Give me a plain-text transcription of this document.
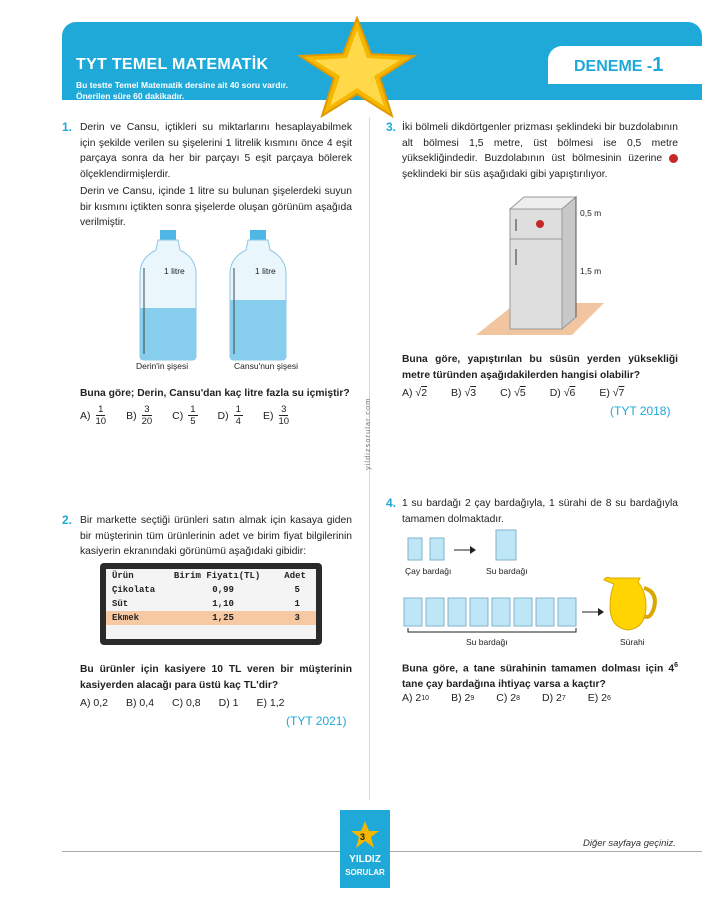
TYT TEMEL MATEMATİK
Bu testte Temel Matematik dersine ait 40 soru vardır.
Önerilen süre 60 dakikadır.
DENEME -1
yildizsorular.com
1. Derin ve Cansu, içtikleri su miktarlarını hesaplayabilmek için şekilde verilen su şişelerini 1 litrelik kısmını önce 4 eşit parçaya sonra da her bir parçayı 5 eşit parçaya bölerek ölçeklendirmişlerdir.
Derin ve Cansu, içinde 1 litre su bulunan şişelerdeki suyun bir kısmını içtikten sonra şişelerde oluşan görünüm aşağıda verilmiştir.
1 litre	1 litre
Derin'in şişesi	Cansu'nun şişesi
Buna göre; Derin, Cansu'dan kaç litre fazla su içmiştir?
$A) \frac{1}{10} B) \frac{3}{20} C) \frac{1}{5} D) \frac{1}{4} E) \frac{3}{10}$
2. Bir markette seçtiği ürünleri satın almak için kasaya giden bir müşterinin tüm ürünlerinin adet ve birim fiyat bilgilerinin kasiyerin ekranındaki görünümü aşağıdaki gibidir:
Ürün	Birim Fiyatı(TL)	Adet
Çikolata	0,99	5
Süt	1,10	1
Ekmek	1,25	3
Bu ürünler için kasiyere 10 TL veren bir müşterinin kasiyerden alacağı para üstü kaç TL'dir?
A) 0,2 B) 0,4 C) 0,8 D) 1 E) 1,2
(TYT 2021)
3. İki bölmeli dikdörtgenler prizması şeklindeki bir buzdolabının alt bölmesi 1,5 metre, üst bölmesi ise 0,5 metre yüksekliğindedir. Buzdolabının üst bölmesinin üzerine  şeklindeki bir süs aşağıdaki gibi yapıştırılıyor.
0,5 m
1,5 m
Buna göre, yapıştırılan bu süsün yerden yüksekliği metre türünden aşağıdakilerden hangisi olabilir?
A) √ 2 B) √ 3 C) √ 5 D) √ 6 E) √ 7
(TYT 2018)
4. 1 su bardağı 2 çay bardağıyla, 1 sürahi de 8 su bardağıyla tamamen dolmaktadır.
Çay bardağı	Su bardağı
Su bardağı	Sürahi
Buna göre, a tane sürahinin tamamen dolması için $4^6$ tane çay bardağına ihtiyaç varsa a kaçtır?
A) 2 10 B) 2 9 C) 2 8 D) 2 7 E) 2 6
3
YILDIZ
SORULAR
Diğer sayfaya geçiniz.
